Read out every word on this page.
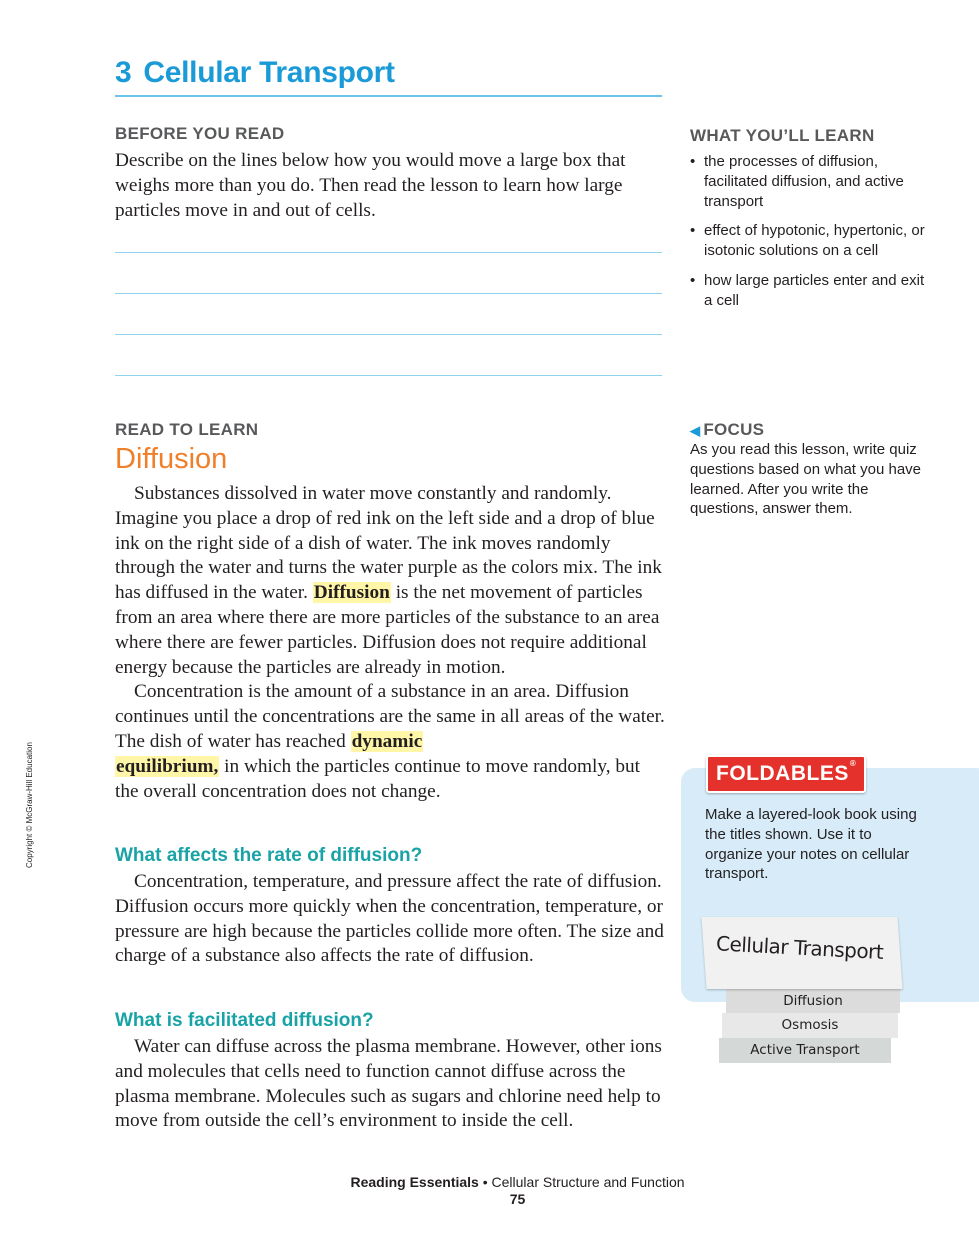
3 Cellular Transport
BEFORE YOU READ

Describe on the lines below how you would move a large box that weighs more than you do. Then read the lesson to learn how large particles move in and out of cells.

WHAT YOU’LL LEARN
• the processes of diffusion, facilitated diffusion, and active transport
• effect of hypotonic, hypertonic, or isotonic solutions on a cell
• how large particles enter and exit a cell
READ TO LEARN
Diffusion

Substances dissolved in water move constantly and randomly. Imagine you place a drop of red ink on the left side and a drop of blue ink on the right side of a dish of water. The ink moves randomly through the water and turns the water purple as the colors mix. The ink has diffused in the water. Diffusion is the net movement of particles from an area where there are more particles of the substance to an area where there are fewer particles. Diffusion does not require additional energy because the particles are already in motion.

Concentration is the amount of a substance in an area. Diffusion continues until the concentrations are the same in all areas of the water. The dish of water has reached dynamic
equilibrium, in which the particles continue to move randomly, but the overall concentration does not change.

What affects the rate of diffusion?

Concentration, temperature, and pressure affect the rate of diffusion. Diffusion occurs more quickly when the concentration, temperature, or pressure are high because the particles collide more often. The size and charge of a substance also affects the rate of diffusion.

What is facilitated diffusion?

Water can diffuse across the plasma membrane. However, other ions and molecules that cells need to function cannot diffuse across the plasma membrane. Molecules such as sugars and chlorine need help to move from outside the cell’s environment to inside the cell.

◀ FOCUS
As you read this lesson, write quiz questions based on what you have learned. After you write the questions, answer them.
Copyright © McGraw-Hill Education	FOLDABLES®
Make a layered-look book using the titles shown. Use it to organize your notes on cellular transport.
Active Transport
Osmosis
Diffusion
Cellular Transport
Reading Essentials • Cellular Structure and Function
75
